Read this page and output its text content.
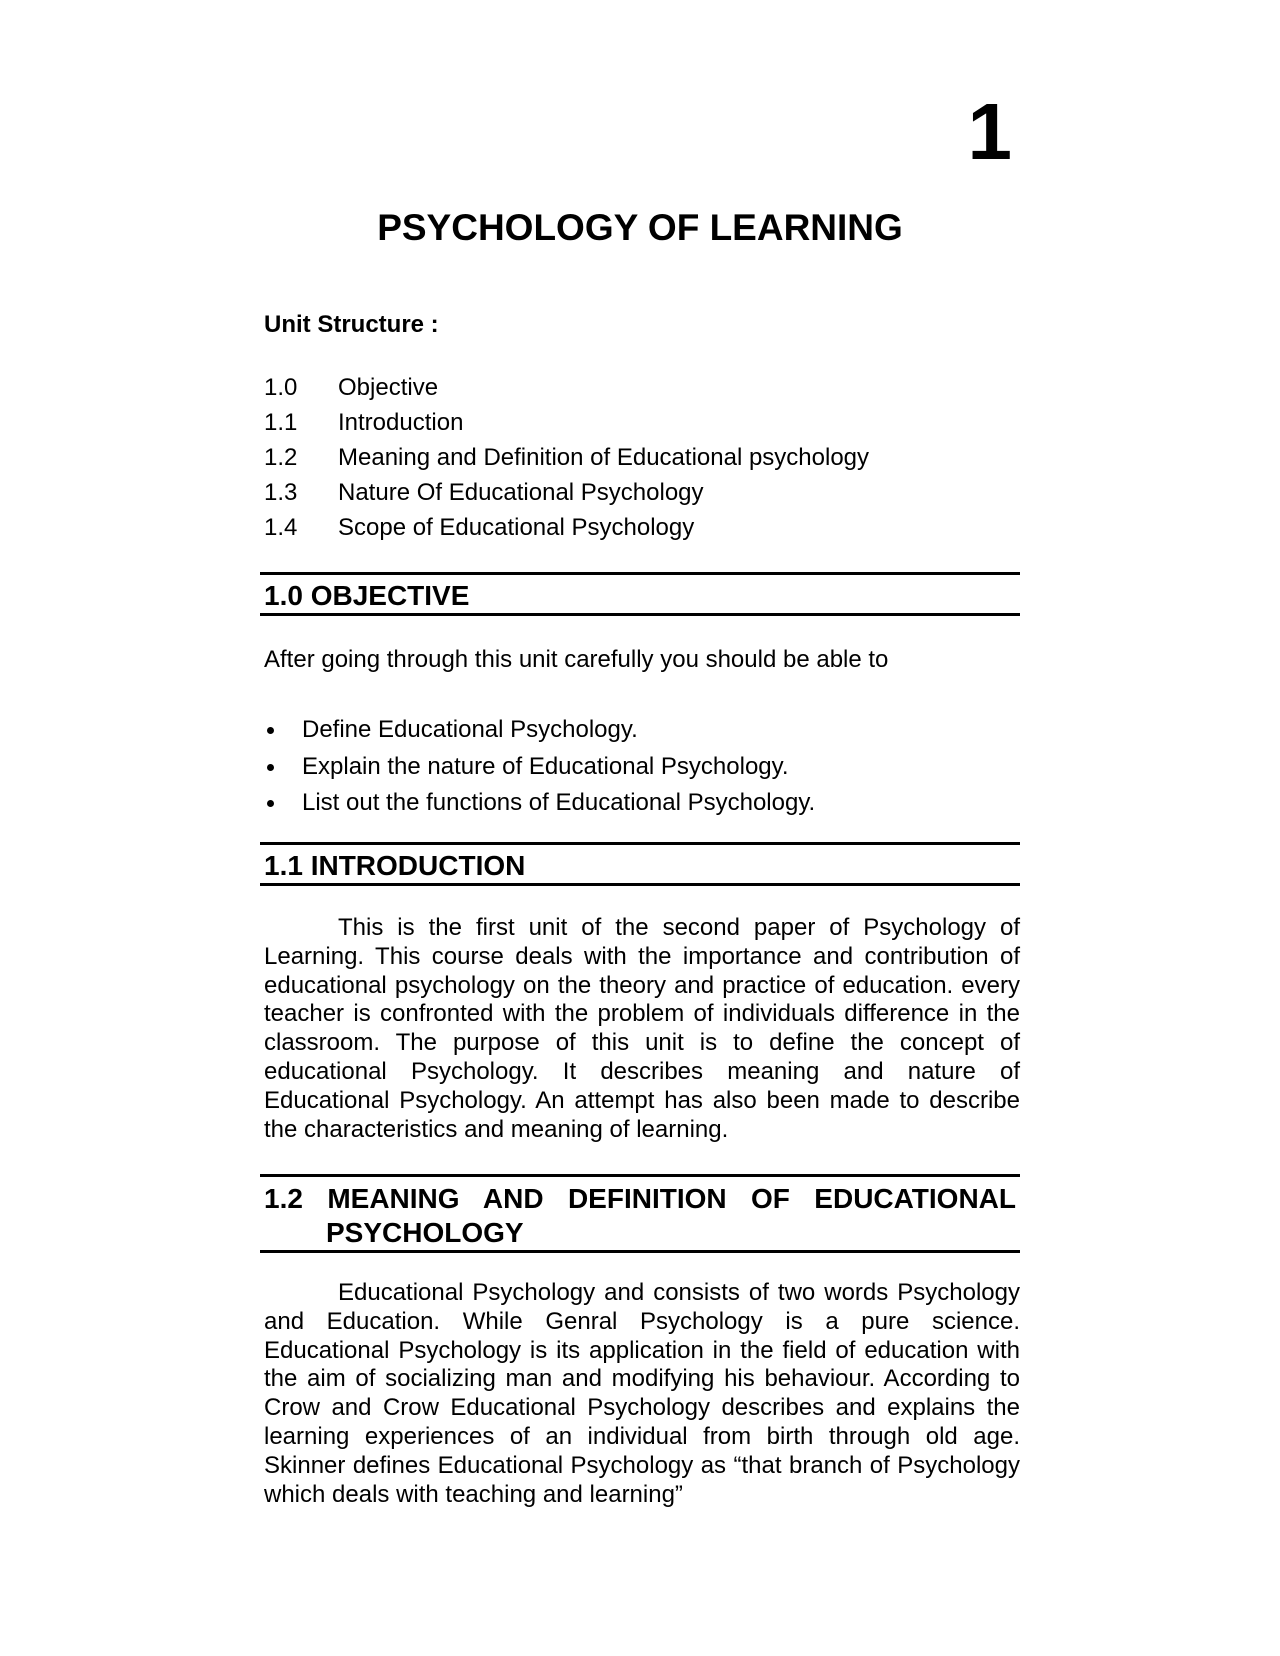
1
PSYCHOLOGY OF LEARNING
Unit Structure :
1.0 Objective
1.1 Introduction
1.2 Meaning and Definition of Educational psychology
1.3 Nature Of Educational Psychology
1.4 Scope of Educational Psychology
1.0 OBJECTIVE
After going through this unit carefully you should be able to
Define Educational Psychology.
Explain the nature of Educational Psychology.
List out the functions of Educational Psychology.
1.1 INTRODUCTION
This is the first unit of the second paper of Psychology of Learning. This course deals with the importance and contribution of educational psychology on the theory and practice of education. every teacher is confronted with the problem of individuals difference in the classroom. The purpose of this unit is to define the concept of educational Psychology. It describes meaning and nature of Educational Psychology. An attempt has also been made to describe the characteristics and meaning of learning.
1.2 MEANING AND DEFINITION OF EDUCATIONAL
PSYCHOLOGY
Educational Psychology and consists of two words Psychology and Education. While Genral Psychology is a pure science. Educational Psychology is its application in the field of education with the aim of socializing man and modifying his behaviour. According to Crow and Crow Educational Psychology describes and explains the learning experiences of an individual from birth through old age. Skinner defines Educational Psychology as “that branch of Psychology which deals with teaching and learning”
